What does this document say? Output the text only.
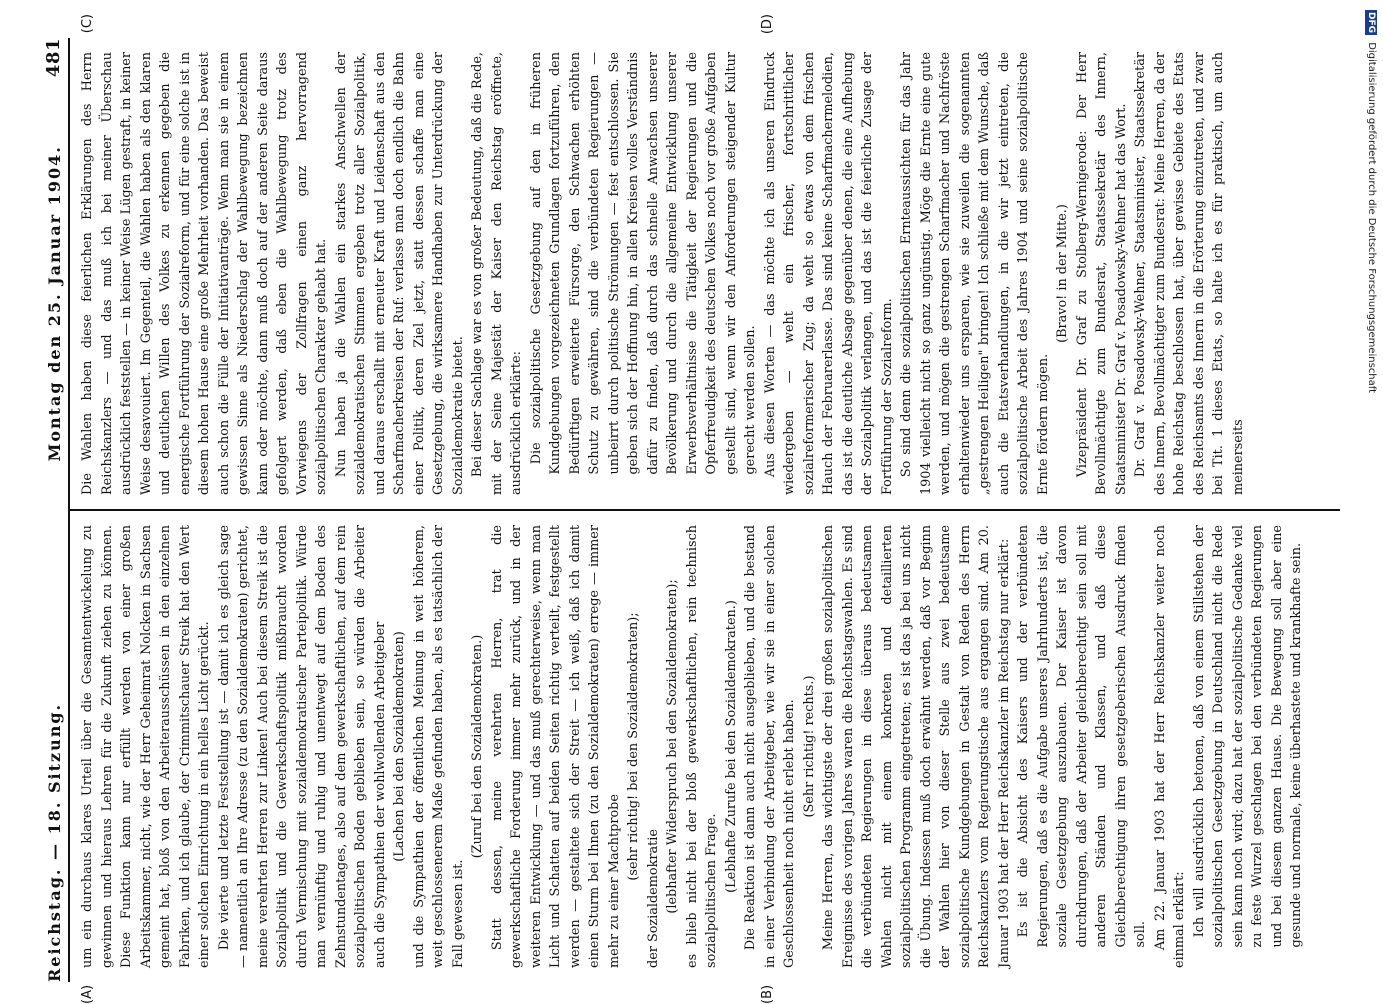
DFG Digitalisierung gefördert durch die Deutsche Forschungsgemeinschaft
Reichstag. — 18. Sitzung.
Montag den 25. Januar 1904.
481
(A)	(B)
(C)	(D)

um ein durchaus klares Urteil über die Gesamtentwickelung zu gewinnen und hieraus Lehren für die Zukunft ziehen zu können. Diese Funktion kann nur erfüllt werden von einer großen Arbeitskammer, nicht, wie der Herr Geheimrat Nolcken in Sachsen gemeint hat, bloß von den Arbeiterausschüssen in den einzelnen Fabriken, und ich glaube, der Crimmitschauer Streik hat den Wert einer solchen Einrichtung in ein helles Licht gerückt. Die vierte und letzte Feststellung ist — damit ich es gleich sage — namentlich an Ihre Adresse (zu den Sozialdemokraten) gerichtet, meine verehrten Herren zur Linken! Auch bei diesem Streik ist die Sozialpolitik und die Gewerkschaftspolitik mißbraucht worden durch Vermischung mit sozialdemokratischer Parteipolitik. Würde man vernünftig und ruhig und unentwegt auf dem Boden des Zehnstundentages, also auf dem gewerkschaftlichen, auf dem rein sozialpolitischen Boden geblieben sein, so würden die Arbeiter auch die Sympathien der wohlwollenden Arbeitgeber (Lachen bei den Sozialdemokraten) und die Sympathien der öffentlichen Meinung in weit höherem, weit geschlossenerem Maße gefunden haben, als es tatsächlich der Fall gewesen ist.

(Zuruf bei den Sozialdemokraten.) Statt dessen, meine verehrten Herren, trat die gewerkschaftliche Forderung immer mehr zurück, und in der weiteren Entwicklung — und das muß gerechterweise, wenn man Licht und Schatten auf beiden Seiten richtig verteilt, festgestellt werden — gestaltete sich der Streit — ich weiß, daß ich damit einen Sturm bei Ihnen (zu den Sozialdemokraten) errege — immer mehr zu einer Machtprobe

(sehr richtig! bei den Sozialdemokraten);

der Sozialdemokratie (lebhafter Widerspruch bei den Sozialdemokraten); es blieb nicht bei der bloß gewerkschaftlichen, rein technisch sozialpolitischen Frage. (Lebhafte Zurufe bei den Sozialdemokraten.) Die Reaktion ist dann auch nicht ausgeblieben, und die bestand in einer Verbindung der Arbeitgeber, wie wir sie in einer solchen Geschlossenheit noch nicht erlebt haben. (Sehr richtig! rechts.) Meine Herren, das wichtigste der drei großen sozialpolitischen Ereignisse des vorigen Jahres waren die Reichstagswahlen. Es sind die verbündeten Regierungen in diese überaus bedeutsamen Wahlen nicht mit einem konkreten und detaillierten sozialpolitischen Programm eingetreten; es ist das ja bei uns nicht die Übung. Indessen muß doch erwähnt werden, daß vor Beginn der Wahlen hier von dieser Stelle aus zwei bedeutsame sozialpolitische Kundgebungen in Gestalt von Reden des Herrn Reichskanzlers vom Regierungstische aus ergangen sind. Am 20. Januar 1903 hat der Herr Reichskanzler im Reichstag nur erklärt: Es ist die Absicht des Kaisers und der verbündeten Regierungen, daß es die Aufgabe unseres Jahrhunderts ist, die soziale Gesetzgebung auszubauen. Der Kaiser ist davon durchdrungen, daß der Arbeiter gleichberechtigt sein soll mit anderen Ständen und Klassen, und daß diese Gleichberechtigung ihren gesetzgeberischen Ausdruck finden soll. Am 22. Januar 1903 hat der Herr Reichskanzler weiter noch einmal erklärt: Ich will ausdrücklich betonen, daß von einem Stillstehen der sozialpolitischen Gesetzgebung in Deutschland nicht die Rede sein kann noch wird; dazu hat der sozialpolitische Gedanke viel zu feste Wurzel geschlagen bei den verbündeten Regierungen und bei diesem ganzen Hause. Die Bewegung soll aber eine gesunde und normale, keine überhastete und krankhafte sein.

Die Wahlen haben diese feierlichen Erklärungen des Herrn Reichskanzlers — und das muß ich bei meiner Überschau ausdrücklich feststellen — in keiner Weise Lügen gestraft, in keiner Weise desavouiert. Im Gegenteil, die Wahlen haben als den klaren und deutlichen Willen des Volkes zu erkennen gegeben die energische Fortführung der Sozialreform, und für eine solche ist in diesem hohen Hause eine große Mehrheit vorhanden. Das beweist auch schon die Fülle der Initiativanträge. Wenn man sie in einem gewissen Sinne als Niederschlag der Wahlbewegung bezeichnen kann oder möchte, dann muß doch auf der anderen Seite daraus gefolgert werden, daß eben die Wahlbewegung trotz des Vorwiegens der Zollfragen einen ganz hervorragend sozialpolitischen Charakter gehabt hat. Nun haben ja die Wahlen ein starkes Anschwellen der sozialdemokratischen Stimmen ergeben trotz aller Sozialpolitik, und daraus erschallt mit erneuter Kraft und Leidenschaft aus den Scharfmacherkreisen der Ruf: verlasse man doch endlich die Bahn einer Politik, deren Ziel jetzt, statt dessen schaffe man eine Gesetzgebung, die wirksamere Handhaben zur Unterdrückung der Sozialdemokratie bietet. Bei dieser Sachlage war es von großer Bedeutung, daß die Rede, mit der Seine Majestät der Kaiser den Reichstag eröffnete, ausdrücklich erklärte: Die sozialpolitische Gesetzgebung auf den in früheren Kundgebungen vorgezeichneten Grundlagen fortzuführen, den Bedürftigen erweiterte Fürsorge, den Schwachen erhöhten Schutz zu gewähren, sind die verbündeten Regierungen — unbeirrt durch politische Strömungen — fest entschlossen. Sie geben sich der Hoffnung hin, in allen Kreisen volles Verständnis dafür zu finden, daß durch das schnelle Anwachsen unserer Bevölkerung und durch die allgemeine Entwicklung unserer Erwerbsverhältnisse die Tätigkeit der Regierungen und die Opferfreudigkeit des deutschen Volkes noch vor große Aufgaben gestellt sind, wenn wir den Anforderungen steigender Kultur gerecht werden sollen. Aus diesen Worten — das möchte ich als unseren Eindruck wiedergeben — weht ein frischer, fortschrittlicher sozialreformerischer Zug; da weht so etwas von dem frischen Hauch der Februarerlasse. Das sind keine Scharfmachermelodien, das ist die deutliche Absage gegenüber denen, die eine Aufhebung der Sozialpolitik verlangen, und das ist die feierliche Zusage der Fortführung der Sozialreform. So sind denn die sozialpolitischen Ernteaussichten für das Jahr 1904 vielleicht nicht so ganz ungünstig. Möge die Ernte eine gute werden, und mögen die gestrengen Scharfmacher und Nachfröste erhaltenwieder uns ersparen, wie sie zuweilen die sogenannten „gestrengen Heiligen" bringen! Ich schließe mit dem Wunsche, daß auch die Etatsverhandlungen, in die wir jetzt eintreten, die sozialpolitische Arbeit des Jahres 1904 und seine sozialpolitische Ernte fördern mögen.

(Bravo! in der Mitte.) Vizepräsident Dr. Graf zu Stolberg-Wernigerode: Der Herr Bevollmächtigte zum Bundesrat, Staatssekretär des Innern, Staatsminister Dr. Graf v. Posadowsky-Wehner hat das Wort. Dr. Graf v. Posadowsky-Wehner, Staatsminister, Staatssekretär des Innern, Bevollmächtigter zum Bundesrat: Meine Herren, da der hohe Reichstag beschlossen hat, über gewisse Gebiete des Etats des Reichsamts des Innern in die Erörterung einzutreten, und zwar bei Tit. 1 dieses Etats, so halte ich es für praktisch, um auch meinerseits
